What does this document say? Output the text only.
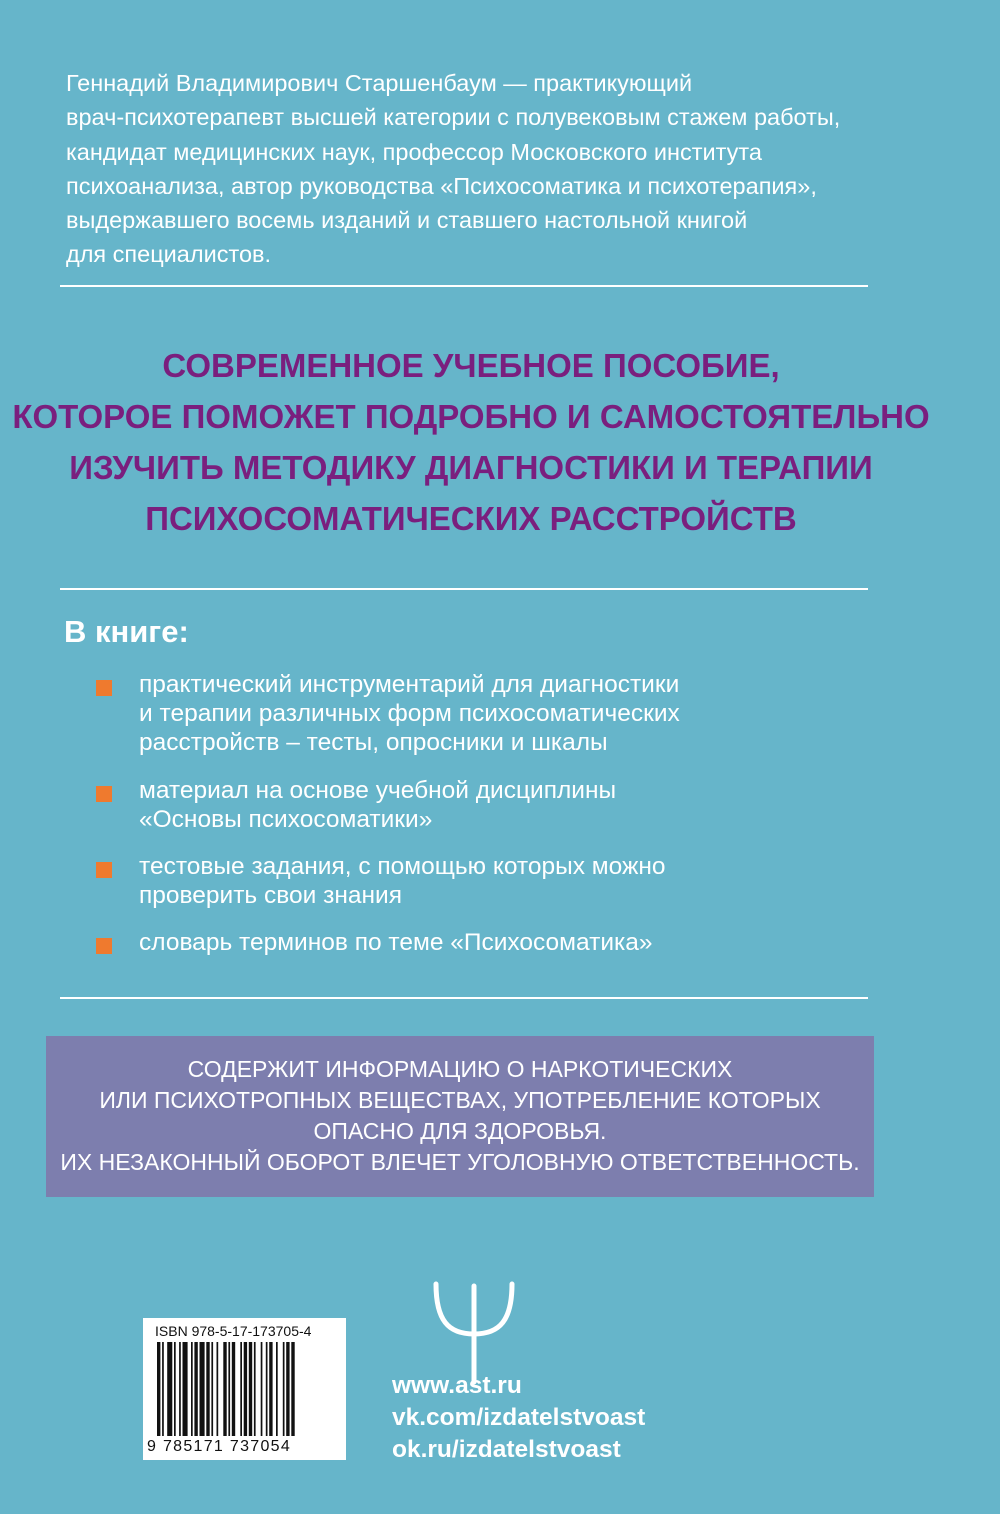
Геннадий Владимирович Старшенбаум — практикующий
врач-психотерапевт высшей категории с полувековым стажем работы,
кандидат медицинских наук, профессор Московского института
психоанализа, автор руководства «Психосоматика и психотерапия»,
выдержавшего восемь изданий и ставшего настольной книгой
для специалистов.
СОВРЕМЕННОЕ УЧЕБНОЕ ПОСОБИЕ,
КОТОРОЕ ПОМОЖЕТ ПОДРОБНО И САМОСТОЯТЕЛЬНО
ИЗУЧИТЬ МЕТОДИКУ ДИАГНОСТИКИ И ТЕРАПИИ
ПСИХОСОМАТИЧЕСКИХ РАССТРОЙСТВ
В книге:
практический инструментарий для диагностики
и терапии различных форм психосоматических
расстройств – тесты, опросники и шкалы
материал на основе учебной дисциплины
«Основы психосоматики»
тестовые задания, с помощью которых можно
проверить свои знания
словарь терминов по теме «Психосоматика»
СОДЕРЖИТ ИНФОРМАЦИЮ О НАРКОТИЧЕСКИХ
ИЛИ ПСИХОТРОПНЫХ ВЕЩЕСТВАХ, УПОТРЕБЛЕНИЕ КОТОРЫХ
ОПАСНО ДЛЯ ЗДОРОВЬЯ.
ИХ НЕЗАКОННЫЙ ОБОРОТ ВЛЕЧЕТ УГОЛОВНУЮ ОТВЕТСТВЕННОСТЬ.
www.ast.ru
vk.com/izdatelstvoast
ok.ru/izdatelstvoast
ISBN 978-5-17-173705-4
9 785171 737054
